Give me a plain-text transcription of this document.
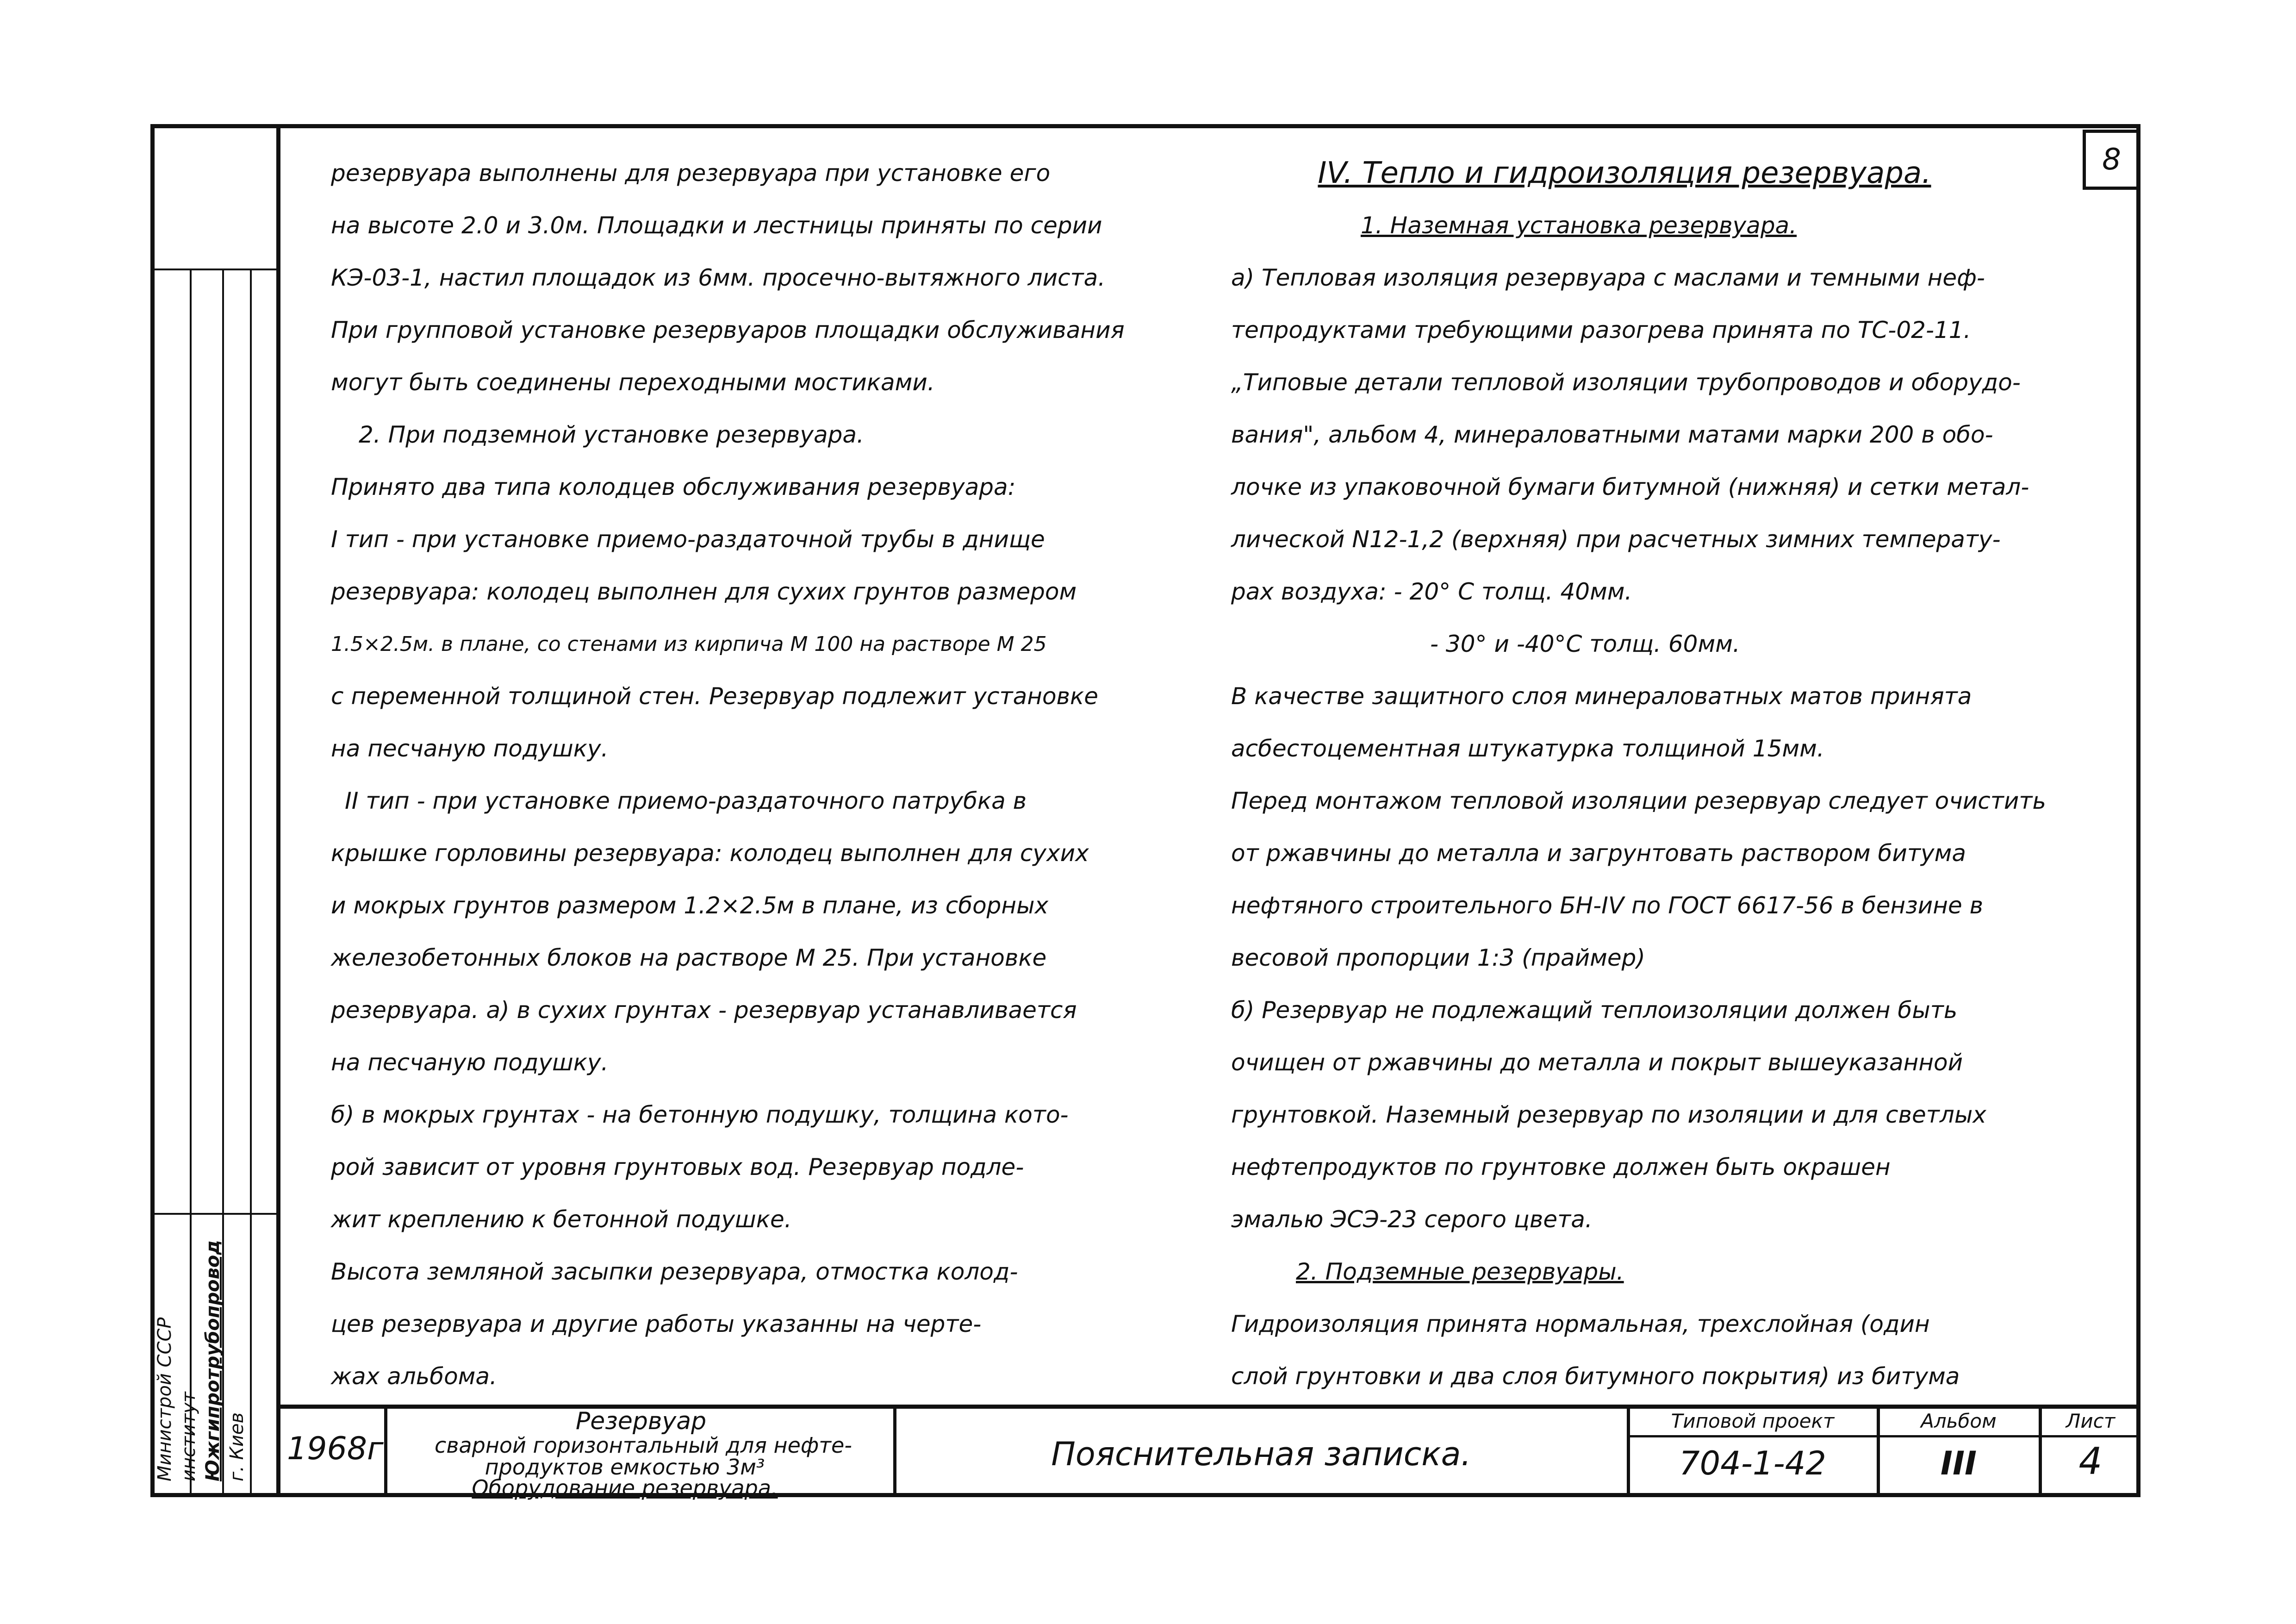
Министрой СССР институт Южгипротрубопровод г. Киев
8

резервуара выполнены для резервуара при установке его

на высоте 2.0 и 3.0м. Площадки и лестницы приняты по серии

КЭ-03-1, настил площадок из 6мм. просечно-вытяжного листа.

При групповой установке резервуаров площадки обслуживания

могут быть соединены переходными мостиками.

2. При подземной установке резервуара.

Принято два типа колодцев обслуживания резервуара:

I тип - при установке приемо-раздаточной трубы в днище

резервуара: колодец выполнен для сухих грунтов размером

1.5×2.5м. в плане, со стенами из кирпича М 100 на растворе М 25

с переменной толщиной стен. Резервуар подлежит установке

на песчаную подушку.

II тип - при установке приемо-раздаточного патрубка в

крышке горловины резервуара: колодец выполнен для сухих

и мокрых грунтов размером 1.2×2.5м в плане, из сборных

железобетонных блоков на растворе М 25. При установке

резервуара. а) в сухих грунтах - резервуар устанавливается

на песчаную подушку.

б) в мокрых грунтах - на бетонную подушку, толщина кото-

рой зависит от уровня грунтовых вод. Резервуар подле-

жит креплению к бетонной подушке.

Высота земляной засыпки резервуара, отмостка колод-

цев резервуара и другие работы указанны на черте-

жах альбома.

IV. Тепло и гидроизоляция резервуара.

1. Наземная установка резервуара.

а) Тепловая изоляция резервуара с маслами и темными неф-

тепродуктами требующими разогрева принята по ТС-02-11.

„Типовые детали тепловой изоляции трубопроводов и оборудо-

вания", альбом 4, минераловатными матами марки 200 в обо-

лочке из упаковочной бумаги битумной (нижняя) и сетки метал-

лической N12-1,2 (верхняя) при расчетных зимних температу-

рах воздуха: - 20° С толщ. 40мм.

- 30° и -40°С толщ. 60мм.

В качестве защитного слоя минераловатных матов принята

асбестоцементная штукатурка толщиной 15мм.

Перед монтажом тепловой изоляции резервуар следует очистить

от ржавчины до металла и загрунтовать раствором битума

нефтяного строительного БН-IV по ГОСТ 6617-56 в бензине в

весовой пропорции 1:3 (праймер)

б) Резервуар не подлежащий теплоизоляции должен быть

очищен от ржавчины до металла и покрыт вышеуказанной

грунтовкой. Наземный резервуар по изоляции и для светлых

нефтепродуктов по грунтовке должен быть окрашен

эмалью ЭСЭ-23 серого цвета.

2. Подземные резервуары.

Гидроизоляция принята нормальная, трехслойная (один

слой грунтовки и два слоя битумного покрытия) из битума

1968г
Резервуар
сварной горизонтальный для нефте-
продуктов емкостью 3м³
Оборудование резервуара.
Пояснительная записка.
Типовой проект
704-1-42
Альбом
III
Лист
4
